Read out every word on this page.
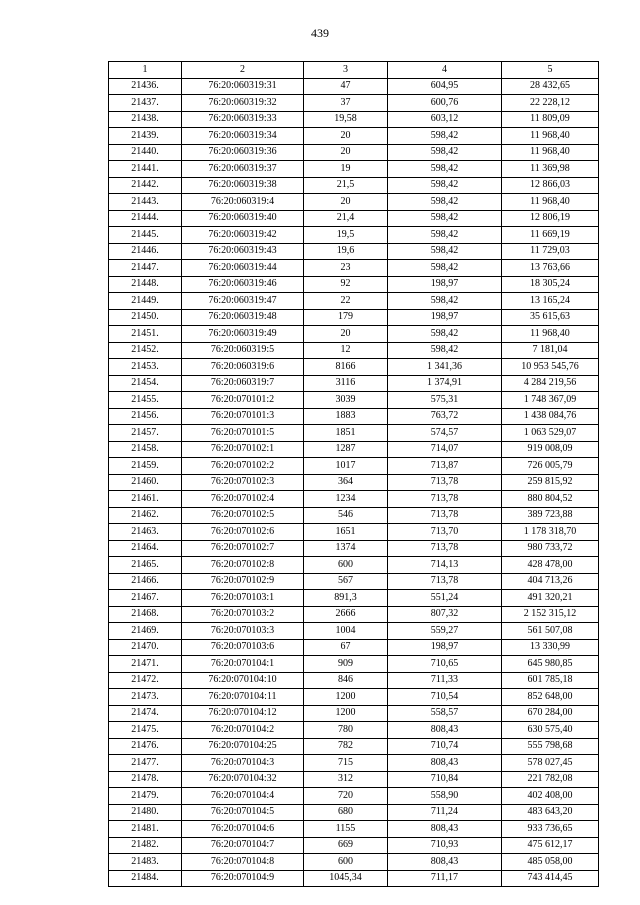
439
1	2	3	4	5
21436.	76:20:060319:31	47	604,95	28 432,65
21437.	76:20:060319:32	37	600,76	22 228,12
21438.	76:20:060319:33	19,58	603,12	11 809,09
21439.	76:20:060319:34	20	598,42	11 968,40
21440.	76:20:060319:36	20	598,42	11 968,40
21441.	76:20:060319:37	19	598,42	11 369,98
21442.	76:20:060319:38	21,5	598,42	12 866,03
21443.	76:20:060319:4	20	598,42	11 968,40
21444.	76:20:060319:40	21,4	598,42	12 806,19
21445.	76:20:060319:42	19,5	598,42	11 669,19
21446.	76:20:060319:43	19,6	598,42	11 729,03
21447.	76:20:060319:44	23	598,42	13 763,66
21448.	76:20:060319:46	92	198,97	18 305,24
21449.	76:20:060319:47	22	598,42	13 165,24
21450.	76:20:060319:48	179	198,97	35 615,63
21451.	76:20:060319:49	20	598,42	11 968,40
21452.	76:20:060319:5	12	598,42	7 181,04
21453.	76:20:060319:6	8166	1 341,36	10 953 545,76
21454.	76:20:060319:7	3116	1 374,91	4 284 219,56
21455.	76:20:070101:2	3039	575,31	1 748 367,09
21456.	76:20:070101:3	1883	763,72	1 438 084,76
21457.	76:20:070101:5	1851	574,57	1 063 529,07
21458.	76:20:070102:1	1287	714,07	919 008,09
21459.	76:20:070102:2	1017	713,87	726 005,79
21460.	76:20:070102:3	364	713,78	259 815,92
21461.	76:20:070102:4	1234	713,78	880 804,52
21462.	76:20:070102:5	546	713,78	389 723,88
21463.	76:20:070102:6	1651	713,70	1 178 318,70
21464.	76:20:070102:7	1374	713,78	980 733,72
21465.	76:20:070102:8	600	714,13	428 478,00
21466.	76:20:070102:9	567	713,78	404 713,26
21467.	76:20:070103:1	891,3	551,24	491 320,21
21468.	76:20:070103:2	2666	807,32	2 152 315,12
21469.	76:20:070103:3	1004	559,27	561 507,08
21470.	76:20:070103:6	67	198,97	13 330,99
21471.	76:20:070104:1	909	710,65	645 980,85
21472.	76:20:070104:10	846	711,33	601 785,18
21473.	76:20:070104:11	1200	710,54	852 648,00
21474.	76:20:070104:12	1200	558,57	670 284,00
21475.	76:20:070104:2	780	808,43	630 575,40
21476.	76:20:070104:25	782	710,74	555 798,68
21477.	76:20:070104:3	715	808,43	578 027,45
21478.	76:20:070104:32	312	710,84	221 782,08
21479.	76:20:070104:4	720	558,90	402 408,00
21480.	76:20:070104:5	680	711,24	483 643,20
21481.	76:20:070104:6	1155	808,43	933 736,65
21482.	76:20:070104:7	669	710,93	475 612,17
21483.	76:20:070104:8	600	808,43	485 058,00
21484.	76:20:070104:9	1045,34	711,17	743 414,45
